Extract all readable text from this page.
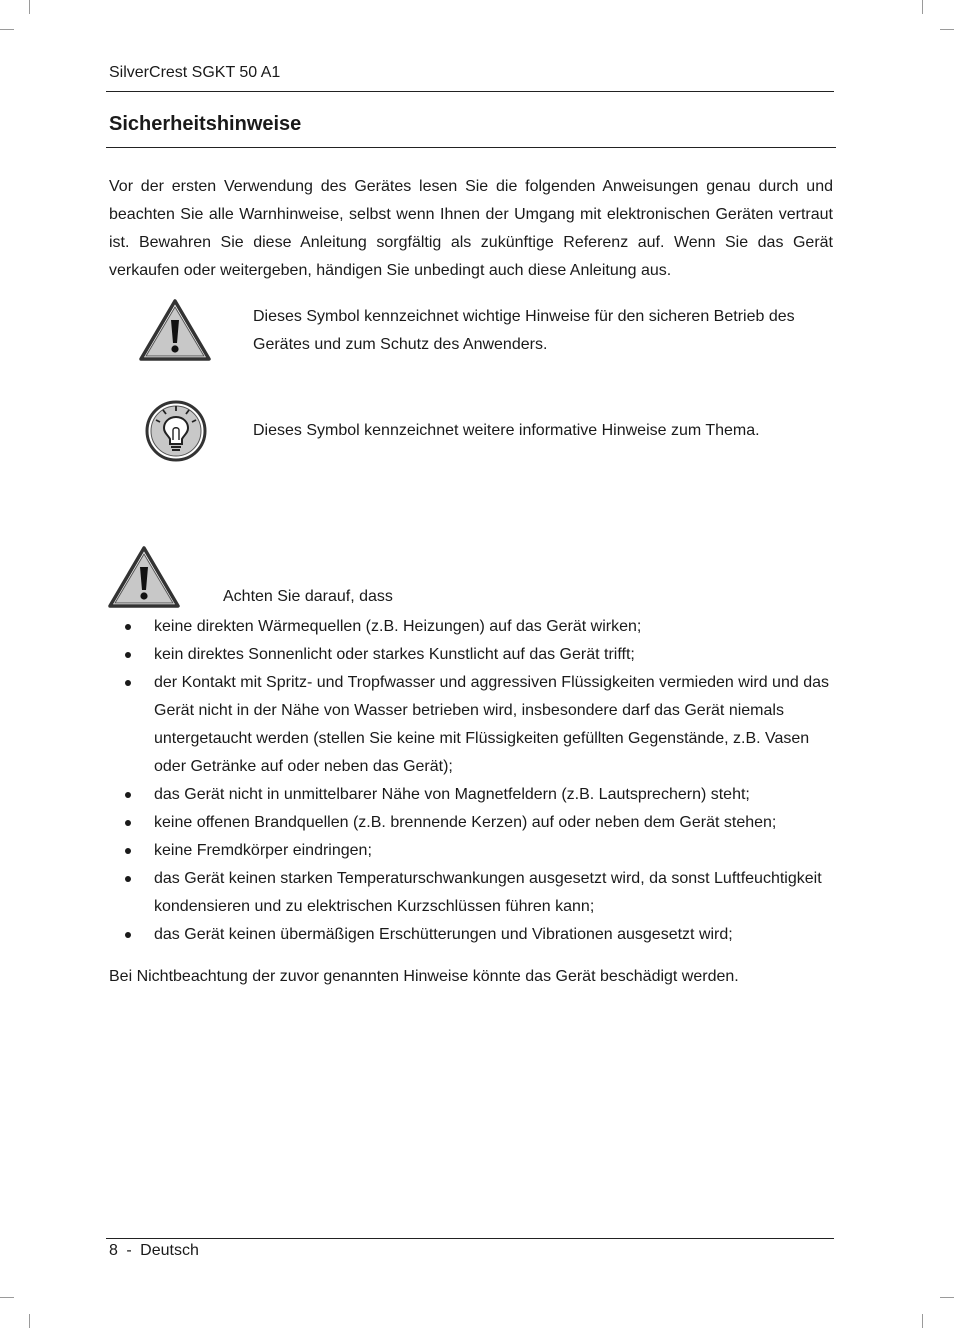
SilverCrest SGKT 50 A1
Sicherheitshinweise
Vor der ersten Verwendung des Gerätes lesen Sie die folgenden Anweisungen genau durch und beachten Sie alle Warnhinweise, selbst wenn Ihnen der Umgang mit elektronischen Geräten vertraut ist. Bewahren Sie diese Anleitung sorgfältig als zukünftige Referenz auf. Wenn Sie das Gerät verkaufen oder weitergeben, händigen Sie unbedingt auch diese Anleitung aus.
Dieses Symbol kennzeichnet wichtige Hinweise für den sicheren Betrieb des Gerätes und zum Schutz des Anwenders.
Dieses Symbol kennzeichnet weitere informative Hinweise zum Thema.
Achten Sie darauf, dass
keine direkten Wärmequellen (z.B. Heizungen) auf das Gerät wirken;
kein direktes Sonnenlicht oder starkes Kunstlicht auf das Gerät trifft;
der Kontakt mit Spritz- und Tropfwasser und aggressiven Flüssigkeiten vermieden wird und das Gerät nicht in der Nähe von Wasser betrieben wird, insbesondere darf das Gerät niemals untergetaucht werden (stellen Sie keine mit Flüssigkeiten gefüllten Gegenstände, z.B. Vasen oder Getränke auf oder neben das Gerät);
das Gerät nicht in unmittelbarer Nähe von Magnetfeldern (z.B. Lautsprechern) steht;
keine offenen Brandquellen (z.B. brennende Kerzen) auf oder neben dem Gerät stehen;
keine Fremdkörper eindringen;
das Gerät keinen starken Temperaturschwankungen ausgesetzt wird, da sonst Luftfeuchtigkeit kondensieren und zu elektrischen Kurzschlüssen führen kann;
das Gerät keinen übermäßigen Erschütterungen und Vibrationen ausgesetzt wird;
Bei Nichtbeachtung der zuvor genannten Hinweise könnte das Gerät beschädigt werden.
8 - Deutsch
